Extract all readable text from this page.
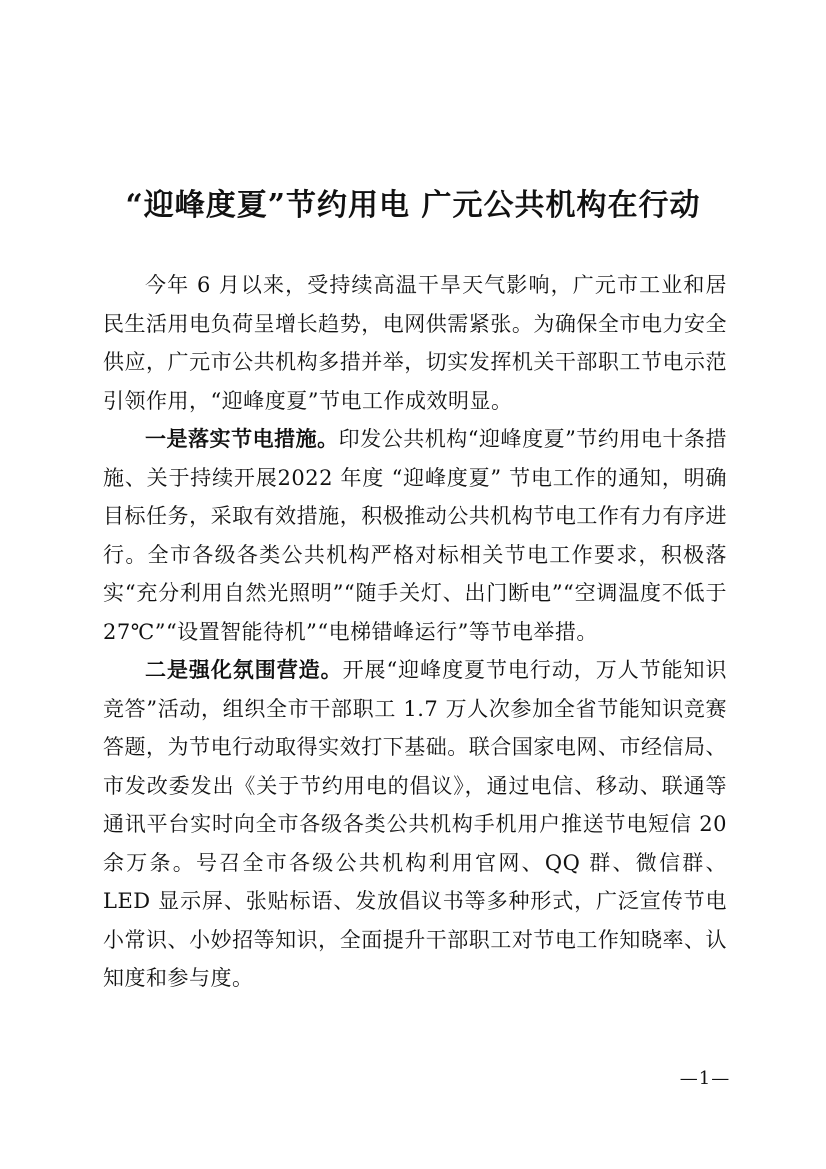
“迎峰度夏”节约用电 广元公共机构在行动

今年 6 月以来，受持续高温干旱天气影响，广元市工业和居民生活用电负荷呈增长趋势，电网供需紧张。为确保全市电力安全供应，广元市公共机构多措并举，切实发挥机关干部职工节电示范引领作用，“迎峰度夏”节电工作成效明显。

一是落实节电措施。印发公共机构“迎峰度夏”节约用电十条措施、关于持续开展2022 年度 “迎峰度夏” 节电工作的通知，明确目标任务，采取有效措施，积极推动公共机构节电工作有力有序进行。全市各级各类公共机构严格对标相关节电工作要求，积极落实“充分利用自然光照明”“随手关灯、出门断电”“空调温度不低于 27℃”“设置智能待机”“电梯错峰运行”等节电举措。

二是强化氛围营造。开展“迎峰度夏节电行动，万人节能知识竞答”活动，组织全市干部职工 1.7 万人次参加全省节能知识竞赛答题，为节电行动取得实效打下基础。联合国家电网、市经信局、市发改委发出《关于节约用电的倡议》，通过电信、移动、联通等通讯平台实时向全市各级各类公共机构手机用户推送节电短信 20 余万条。号召全市各级公共机构利用官网、QQ 群、微信群、LED 显示屏、张贴标语、发放倡议书等多种形式，广泛宣传节电小常识、小妙招等知识，全面提升干部职工对节电工作知晓率、认知度和参与度。

—1—
